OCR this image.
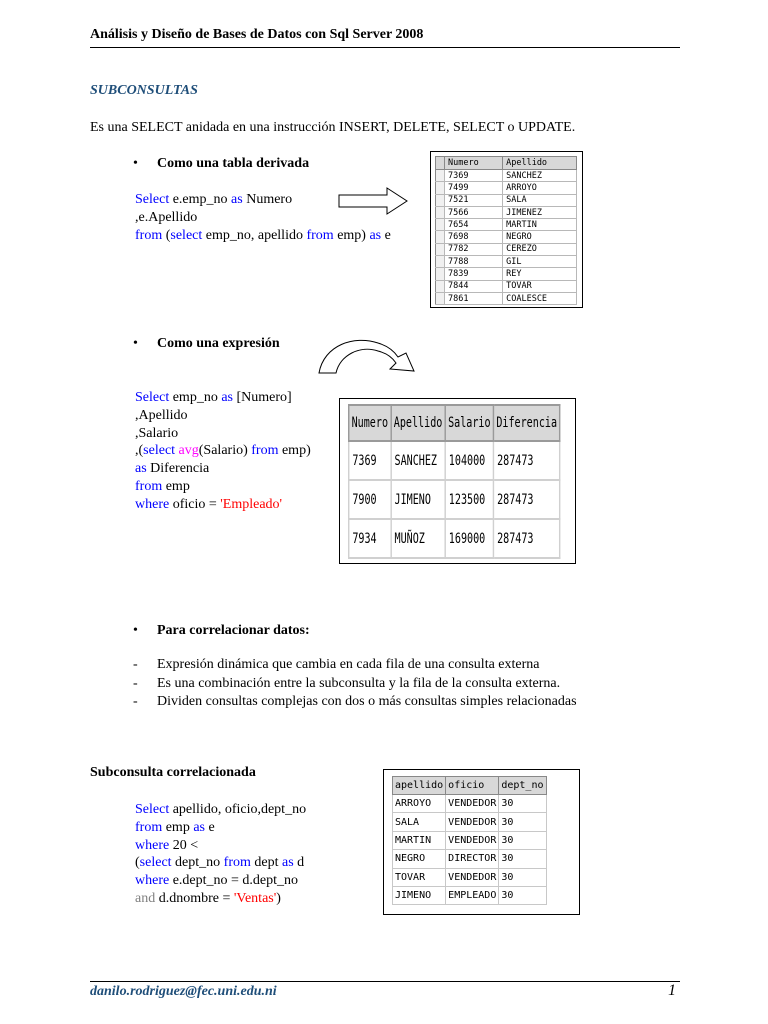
Análisis y Diseño de Bases de Datos con Sql Server 2008
SUBCONSULTAS
Es una SELECT anidada en una instrucción INSERT, DELETE, SELECT o UPDATE.
• Como una tabla derivada
Select e.emp_no as Numero
,e.Apellido
from (select emp_no, apellido from emp) as e
	Numero	Apellido
	7369	SANCHEZ
	7499	ARROYO
	7521	SALA
	7566	JIMENEZ
	7654	MARTIN
	7698	NEGRO
	7782	CEREZO
	7788	GIL
	7839	REY
	7844	TOVAR
	7861	COALESCE
• Como una expresión
Select emp_no as [Numero]
,Apellido
,Salario
,(select avg(Salario) from emp)
as Diferencia
from emp
where oficio = 'Empleado'
Numero	Apellido	Salario	Diferencia
7369	SANCHEZ	104000	287473
7900	JIMENO	123500	287473
7934	MUÑOZ	169000	287473
• Para correlacionar datos:
- Expresión dinámica que cambia en cada fila de una consulta externa
- Es una combinación entre la subconsulta y la fila de la consulta externa.
- Dividen consultas complejas con dos o más consultas simples relacionadas
Subconsulta correlacionada
Select apellido, oficio,dept_no
from emp as e
where 20 <
(select dept_no from dept as d
where e.dept_no = d.dept_no
and d.dnombre = 'Ventas')
apellido	oficio	dept_no
ARROYO	VENDEDOR	30
SALA	VENDEDOR	30
MARTIN	VENDEDOR	30
NEGRO	DIRECTOR	30
TOVAR	VENDEDOR	30
JIMENO	EMPLEADO	30
danilo.rodriguez@fec.uni.edu.ni	1
